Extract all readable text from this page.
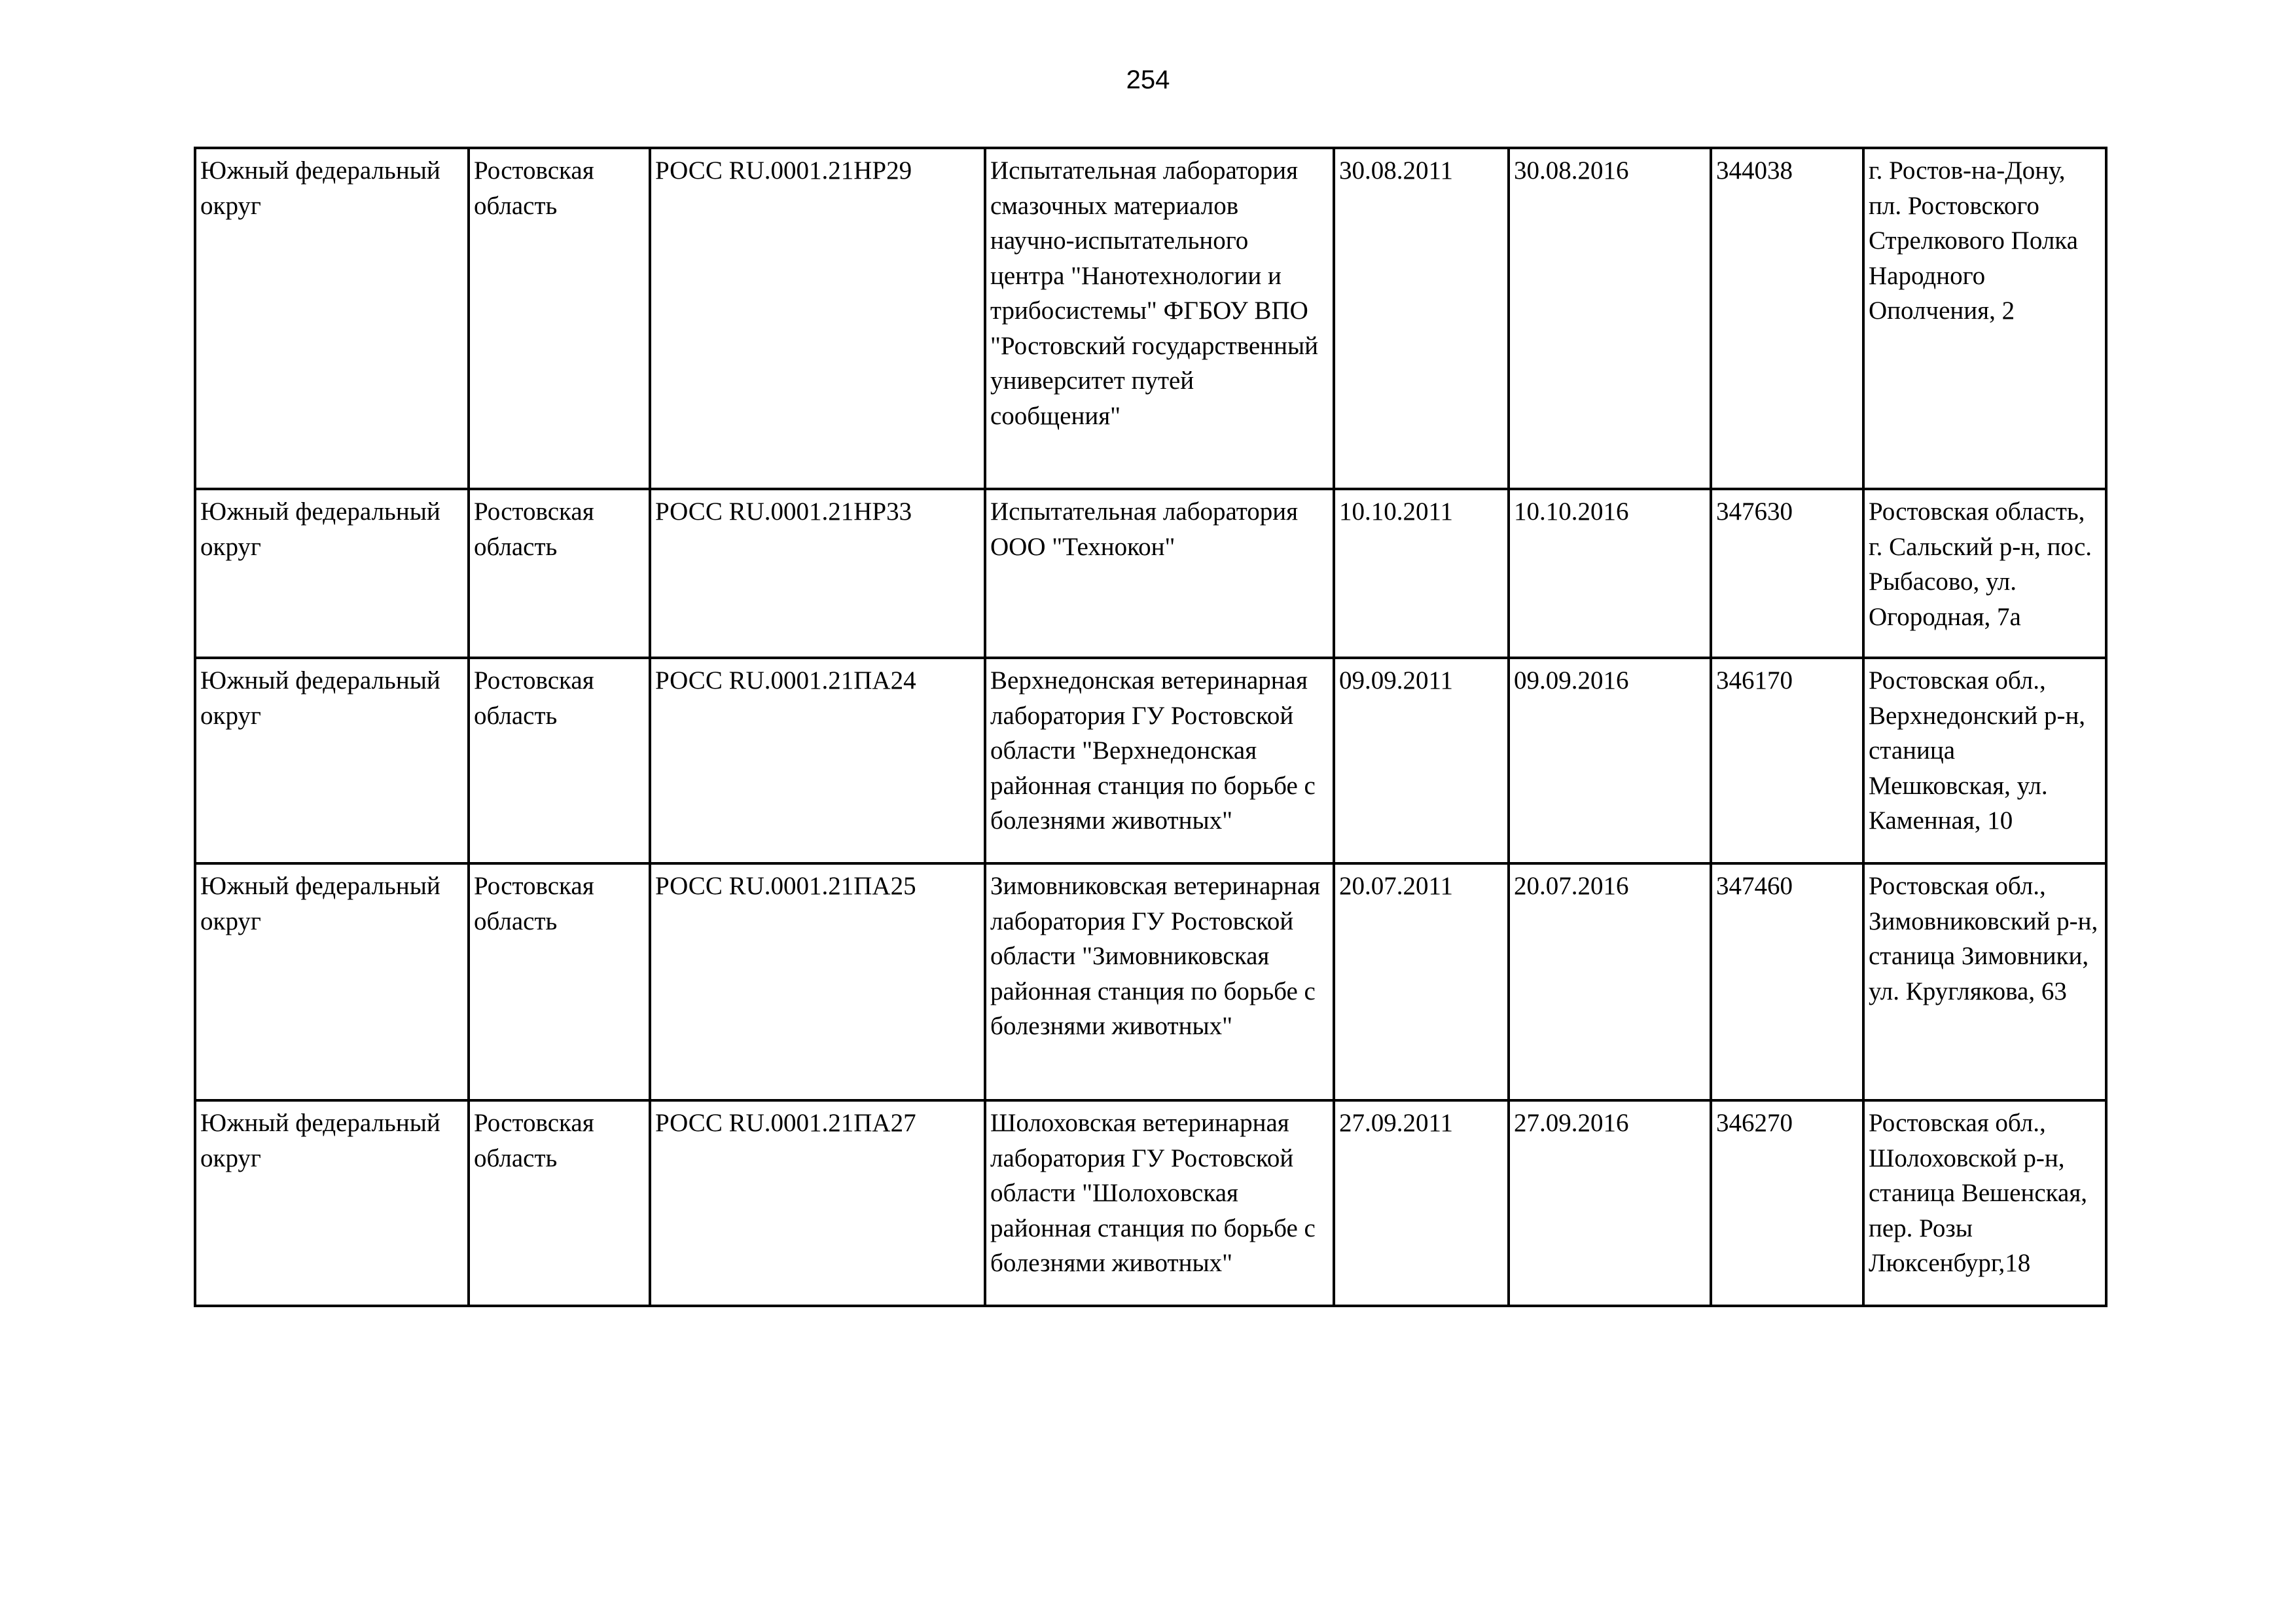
254
Южный федеральный округ	Ростовская область	РОСС RU.0001.21НР29	Испытательная лаборатория смазочных материалов научно-испытательного центра "Нанотехнологии и трибосистемы" ФГБОУ ВПО "Ростовский государственный университет путей сообщения"	30.08.2011	30.08.2016	344038	г. Ростов-на-Дону, пл. Ростовского Стрелкового Полка Народного Ополчения, 2
Южный федеральный округ	Ростовская область	РОСС RU.0001.21НР33	Испытательная лаборатория ООО "Технокон"	10.10.2011	10.10.2016	347630	Ростовская область, г. Сальский р-н, пос. Рыбасово, ул. Огородная, 7а
Южный федеральный округ	Ростовская область	РОСС RU.0001.21ПА24	Верхнедонская ветеринарная лаборатория ГУ Ростовской области "Верхнедонская районная станция по борьбе с болезнями животных"	09.09.2011	09.09.2016	346170	Ростовская обл., Верхнедонский р-н, станица Мешковская, ул. Каменная, 10
Южный федеральный округ	Ростовская область	РОСС RU.0001.21ПА25	Зимовниковская ветеринарная лаборатория ГУ Ростовской области "Зимовниковская районная станция по борьбе с болезнями животных"	20.07.2011	20.07.2016	347460	Ростовская обл., Зимовниковский р-н, станица Зимовники, ул. Круглякова, 63
Южный федеральный округ	Ростовская область	РОСС RU.0001.21ПА27	Шолоховская ветеринарная лаборатория ГУ Ростовской области "Шолоховская районная станция по борьбе с болезнями животных"	27.09.2011	27.09.2016	346270	Ростовская обл., Шолоховской р-н, станица Вешенская, пер. Розы Люксенбург,18
